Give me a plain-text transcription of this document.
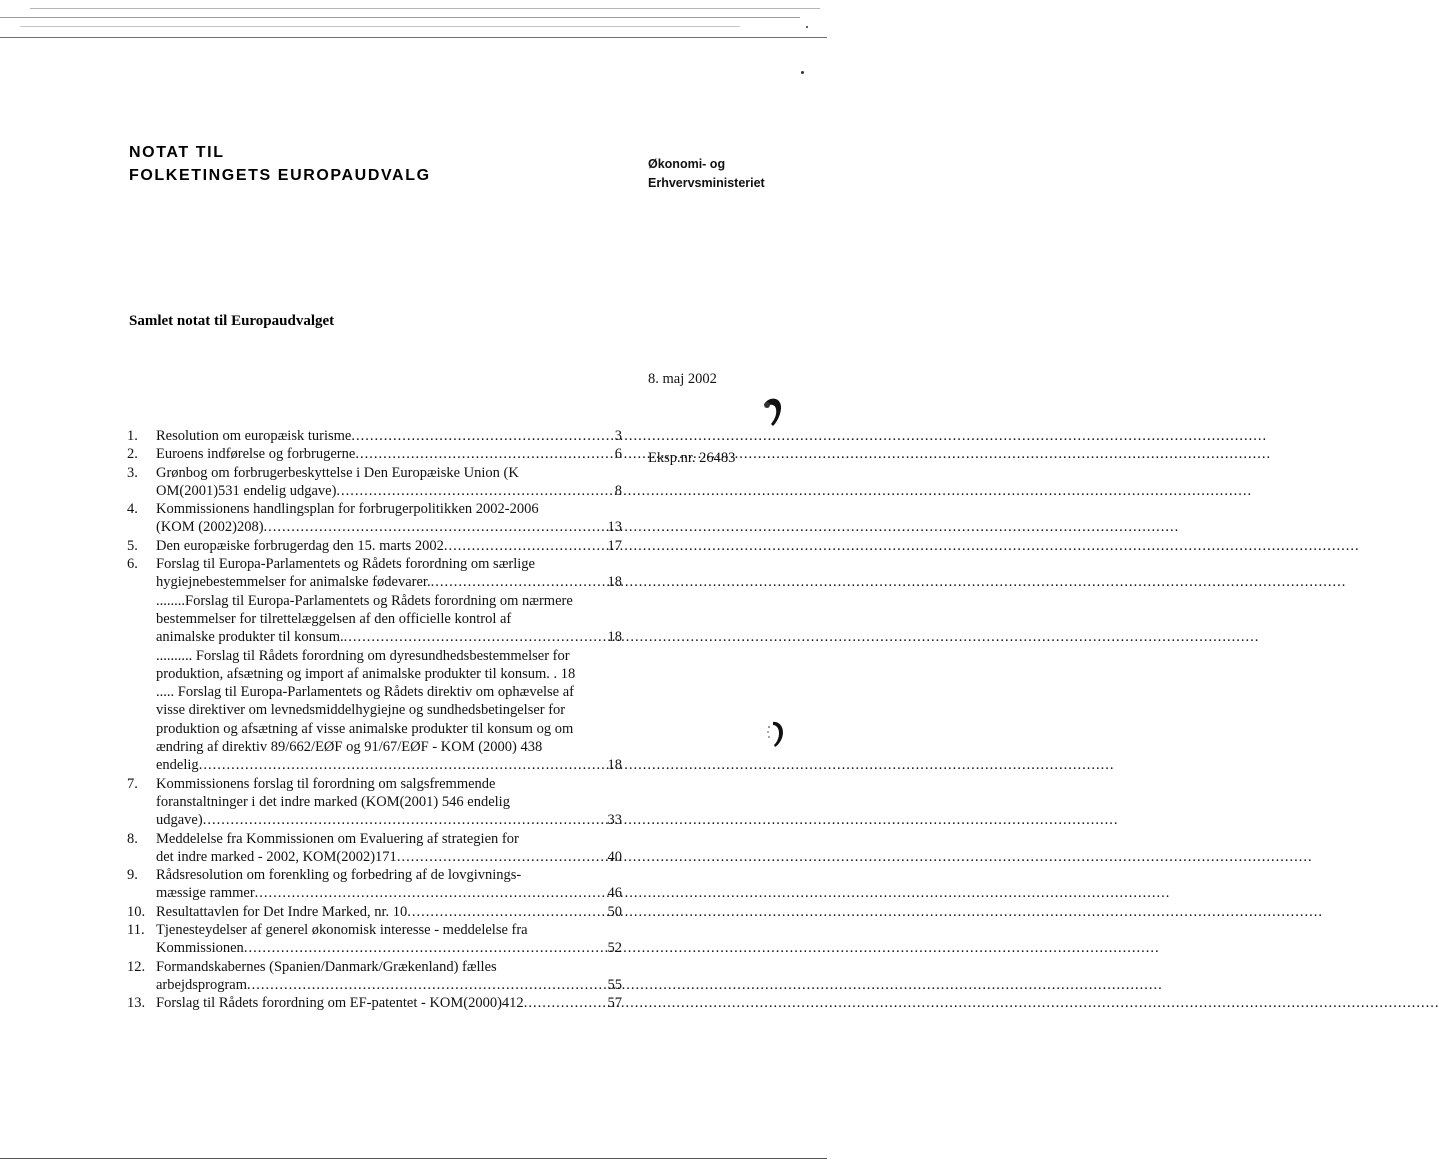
NOTAT TIL
FOLKETINGETS EUROPAUDVALG
Økonomi- og
Erhvervsministeriet
Samlet notat til Europaudvalget
8. maj 2002
Eksp.nr. 26483
1.	Resolution om europæisk turisme .....	3
2.	Euroens indførelse og forbrugerne .....	6
3.	Grønbog om forbrugerbeskyttelse i Den Europæiske Union (K
OM(2001)531 endelig udgave) .....	8
4.	Kommissionens handlingsplan for forbrugerpolitikken 2002-2006
(KOM (2002)208) .....	13
5.	Den europæiske forbrugerdag den 15. marts 2002 .....	17
6.	Forslag til Europa-Parlamentets og Rådets forordning om særlige
hygiejnebestemmelser for animalske fødevarer. .....	18
........Forslag til Europa-Parlamentets og Rådets forordning om nærmere
bestemmelser for tilrettelæggelsen af den officielle kontrol af
animalske produkter til konsum. .....	18
.......... Forslag til Rådets forordning om dyresundhedsbestemmelser for
produktion, afsætning og import af animalske produkter til konsum. . 18
..... Forslag til Europa-Parlamentets og Rådets direktiv om ophævelse af
visse direktiver om levnedsmiddelhygiejne og sundhedsbetingelser for
produktion og afsætning af visse animalske produkter til konsum og om
ændring af direktiv 89/662/EØF og 91/67/EØF - KOM (2000) 438
endelig .....	18
7.	Kommissionens forslag til forordning om salgsfremmende
foranstaltninger i det indre marked (KOM(2001) 546 endelig
udgave) .....	33
8.	Meddelelse fra Kommissionen om Evaluering af strategien for
det indre marked - 2002, KOM(2002)171 .....	40
9.	Rådsresolution om forenkling og forbedring af de lovgivnings-
mæssige rammer .....	46
10. Resultattavlen for Det Indre Marked, nr. 10 .....	50
11. Tjenesteydelser af generel økonomisk interesse - meddelelse fra
Kommissionen .....	52
12. Formandskabernes (Spanien/Danmark/Grækenland) fælles
arbejdsprogram .....	55
13. Forslag til Rådets forordning om EF-patentet - KOM(2000)412 .....	57
